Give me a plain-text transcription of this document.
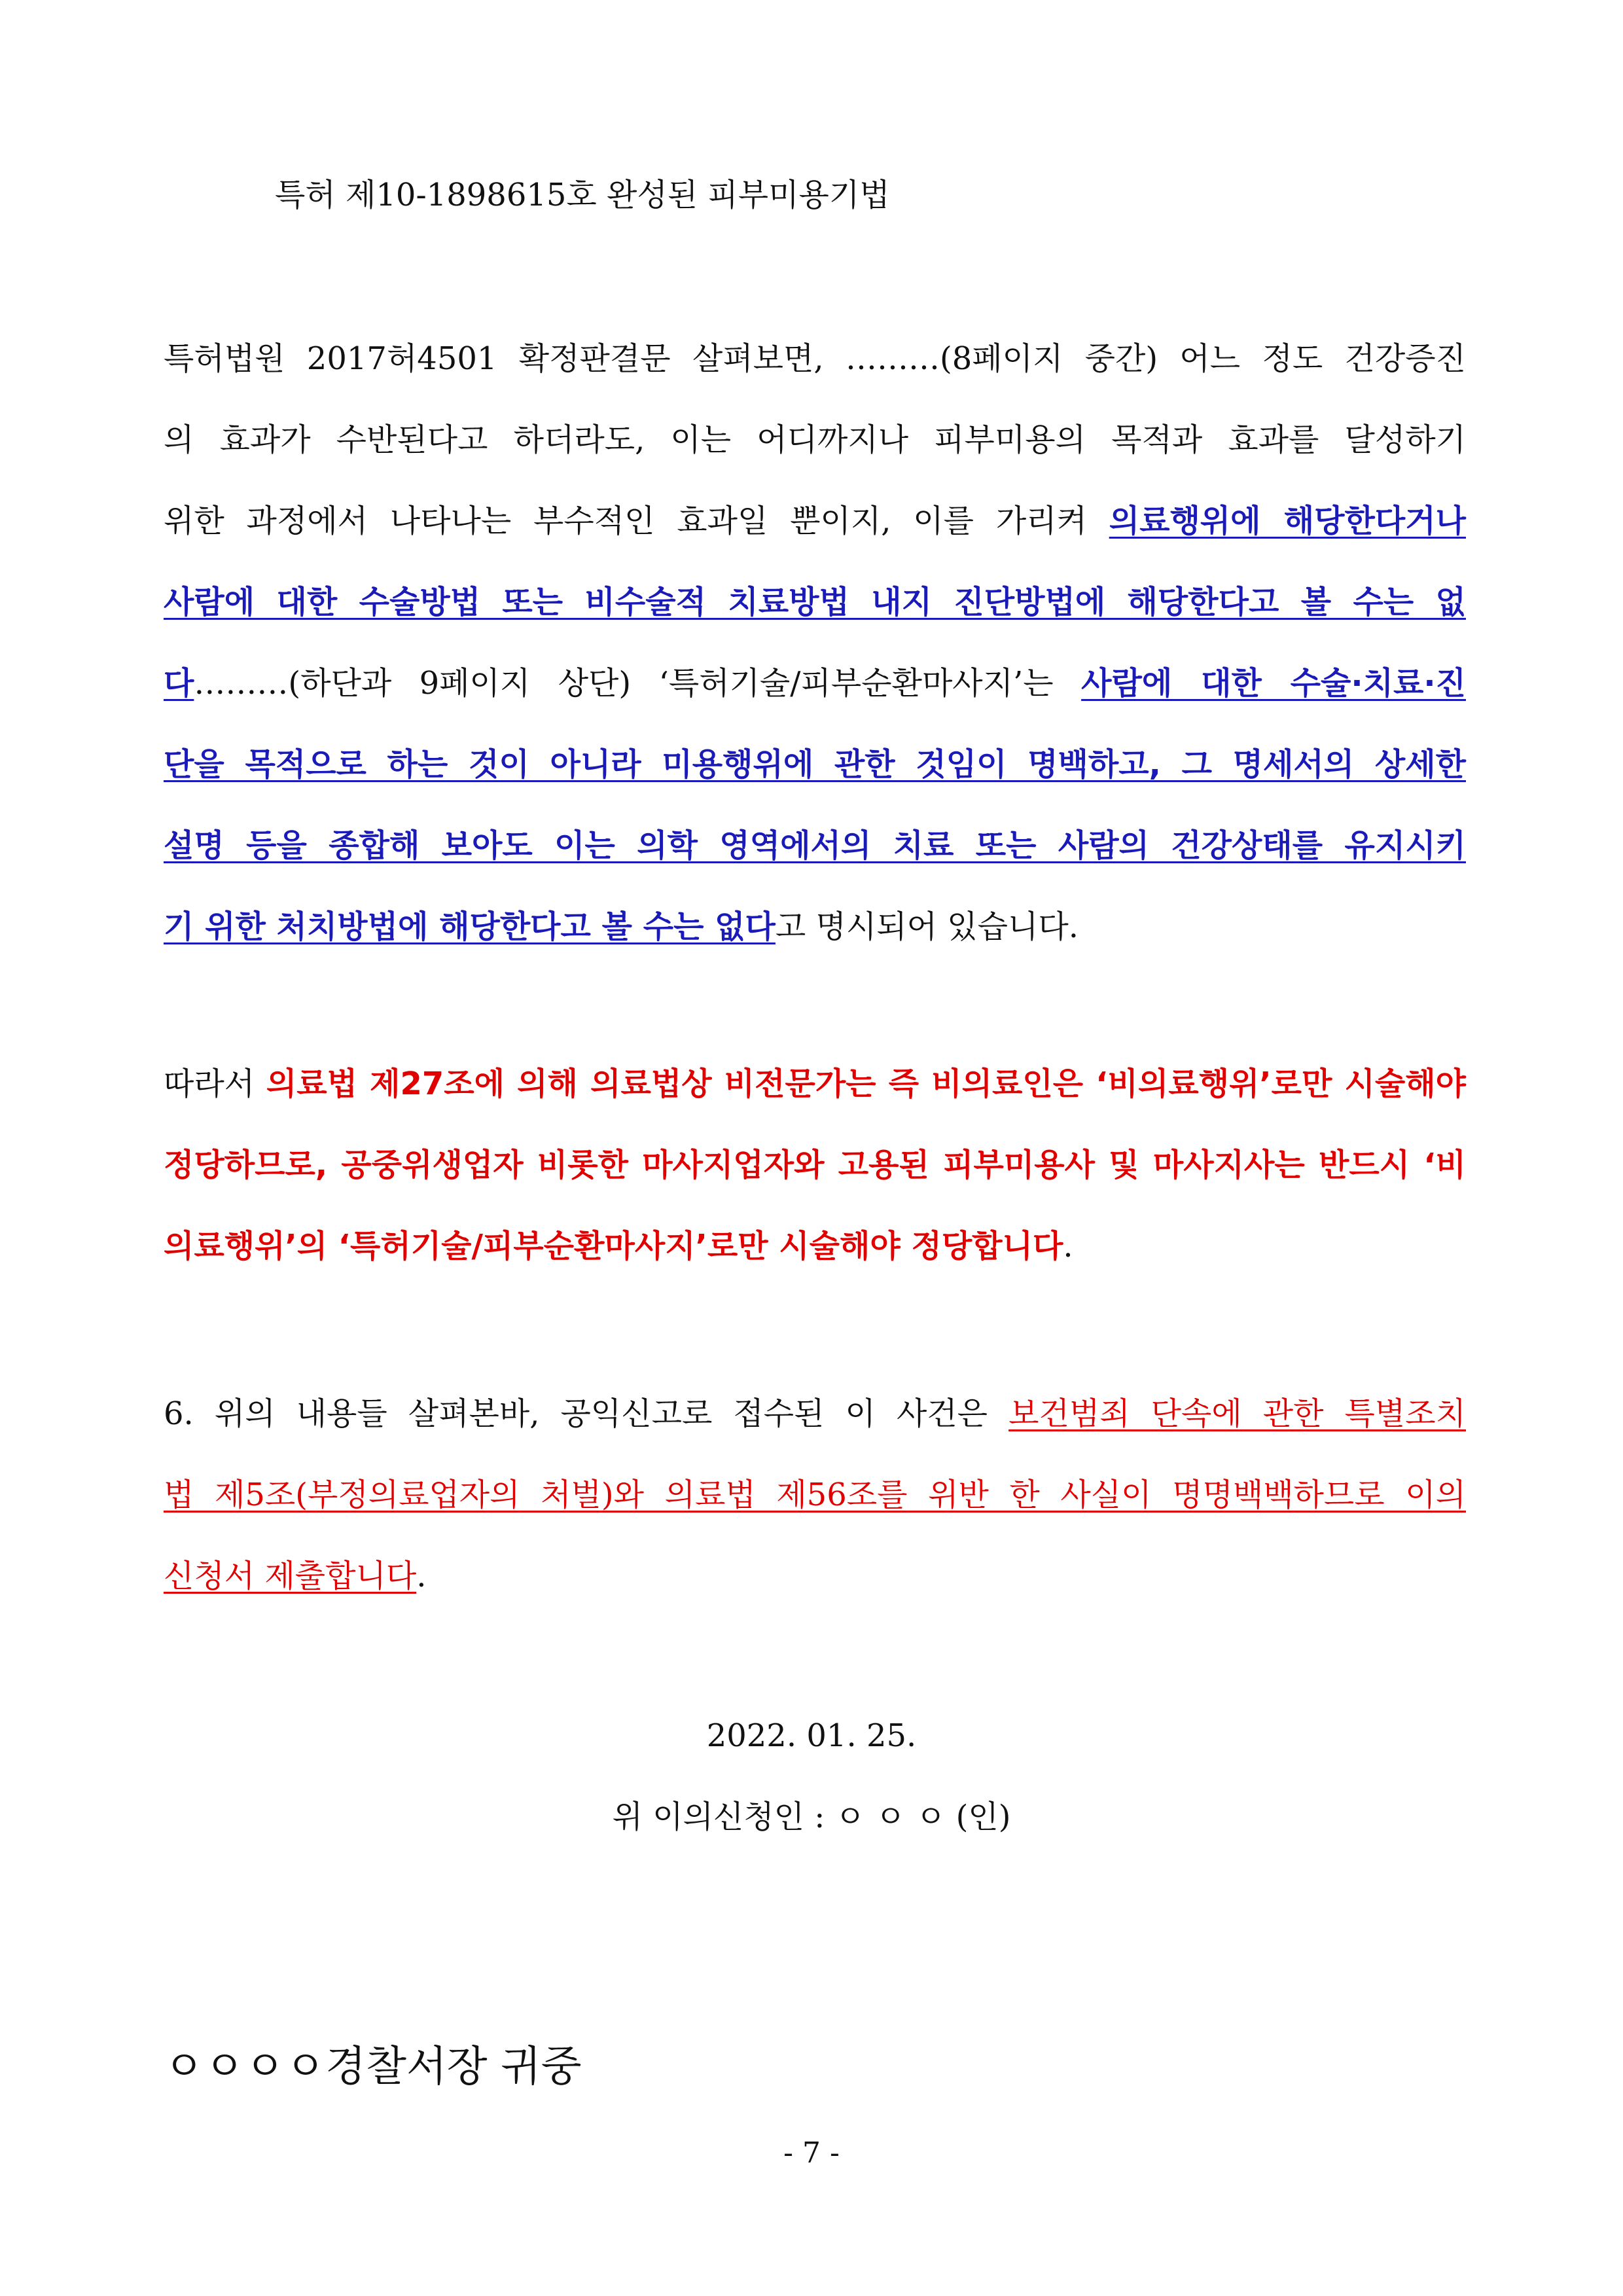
특허 제10-1898615호 완성된 피부미용기법
특허법원 2017허4501 확정판결문 살펴보면, ………(8페이지 중간) 어느 정도 건강증진
의 효과가 수반된다고 하더라도, 이는 어디까지나 피부미용의 목적과 효과를 달성하기
위한 과정에서 나타나는 부수적인 효과일 뿐이지, 이를 가리켜 의료행위에 해당한다거나
사람에 대한 수술방법 또는 비수술적 치료방법 내지 진단방법에 해당한다고 볼 수는 없
다………(하단과 9페이지 상단) ‘특허기술/피부순환마사지’는 사람에 대한 수술·치료·진
단을 목적으로 하는 것이 아니라 미용행위에 관한 것임이 명백하고, 그 명세서의 상세한
설명 등을 종합해 보아도 이는 의학 영역에서의 치료 또는 사람의 건강상태를 유지시키
기 위한 처치방법에 해당한다고 볼 수는 없다고 명시되어 있습니다.
따라서 의료법 제27조에 의해 의료법상 비전문가는 즉 비의료인은 ‘비의료행위’로만 시술해야
정당하므로, 공중위생업자 비롯한 마사지업자와 고용된 피부미용사 및 마사지사는 반드시 ‘비
의료행위’의 ‘특허기술/피부순환마사지’로만 시술해야 정당합니다.
6. 위의 내용들 살펴본바, 공익신고로 접수된 이 사건은 보건범죄 단속에 관한 특별조치
법 제5조(부정의료업자의 처벌)와 의료법 제56조를 위반 한 사실이 명명백백하므로 이의
신청서 제출합니다.
2022. 01. 25.
위 이의신청인 : ㅇ ㅇ ㅇ (인)
ㅇㅇㅇㅇ경찰서장 귀중
- 7 -
